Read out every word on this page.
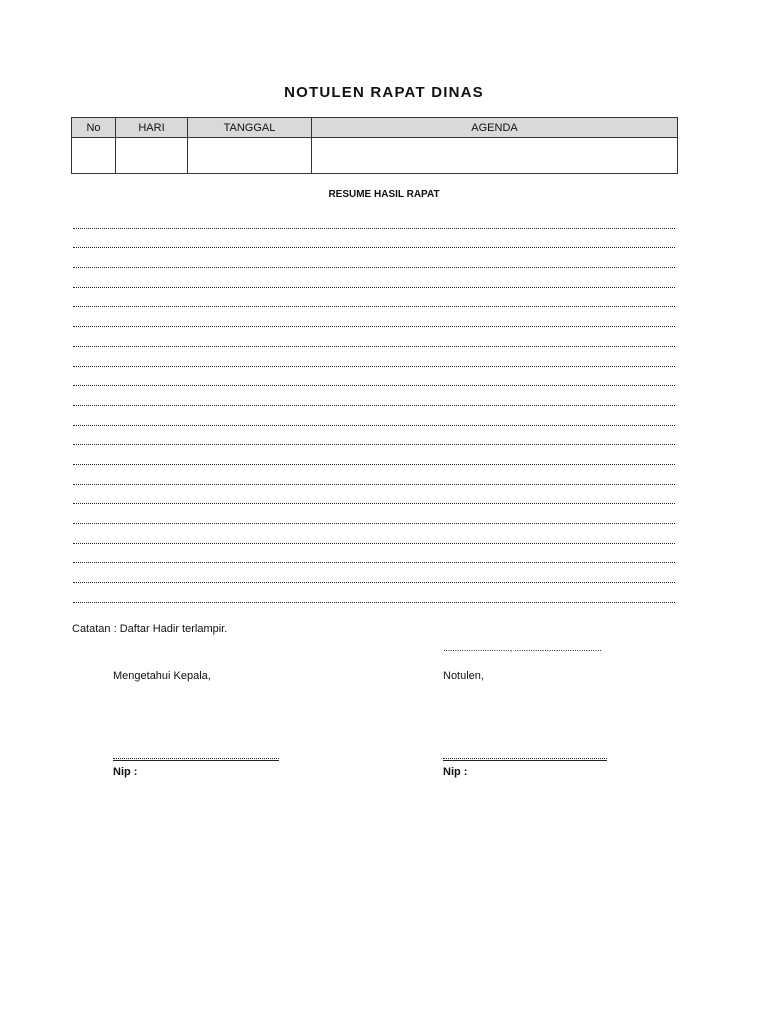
NOTULEN RAPAT DINAS
No	HARI	TANGGAL	AGENDA

RESUME HASIL RAPAT
Catatan : Daftar Hadir terlampir.
............................., ......................................
Mengetahui Kepala,	Notulen,
Nip :	Nip :
